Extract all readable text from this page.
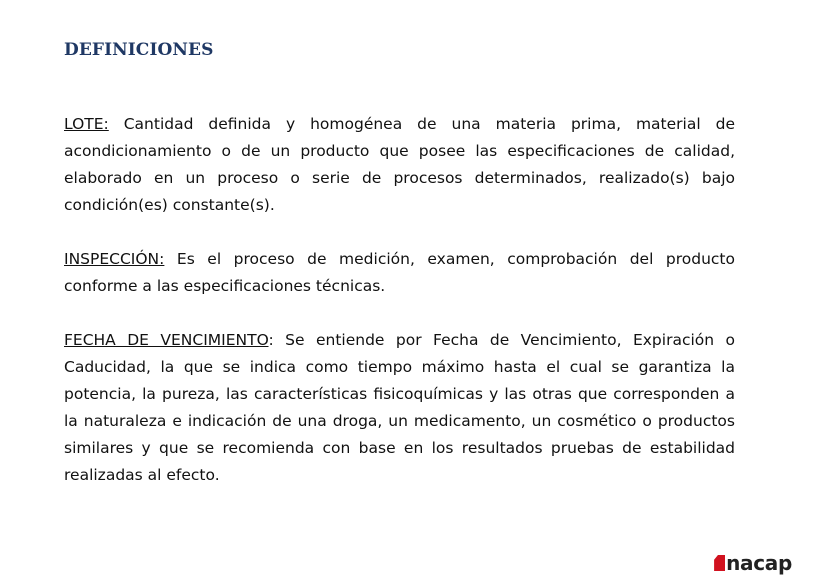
DEFINICIONES

LOTE: Cantidad definida y homogénea de una materia prima, material de acondicionamiento o de un producto que posee las especificaciones de calidad, elaborado en un proceso o serie de procesos determinados, realizado(s) bajo condición(es) constante(s).

INSPECCIÓN: Es el proceso de medición, examen, comprobación del producto conforme a las especificaciones técnicas.

FECHA DE VENCIMIENTO: Se entiende por Fecha de Vencimiento, Expiración o Caducidad, la que se indica como tiempo máximo hasta el cual se garantiza la potencia, la pureza, las características fisicoquímicas y las otras que corresponden a la naturaleza e indicación de una droga, un medicamento, un cosmético o productos similares y que se recomienda con base en los resultados pruebas de estabilidad realizadas al efecto.

nacap
